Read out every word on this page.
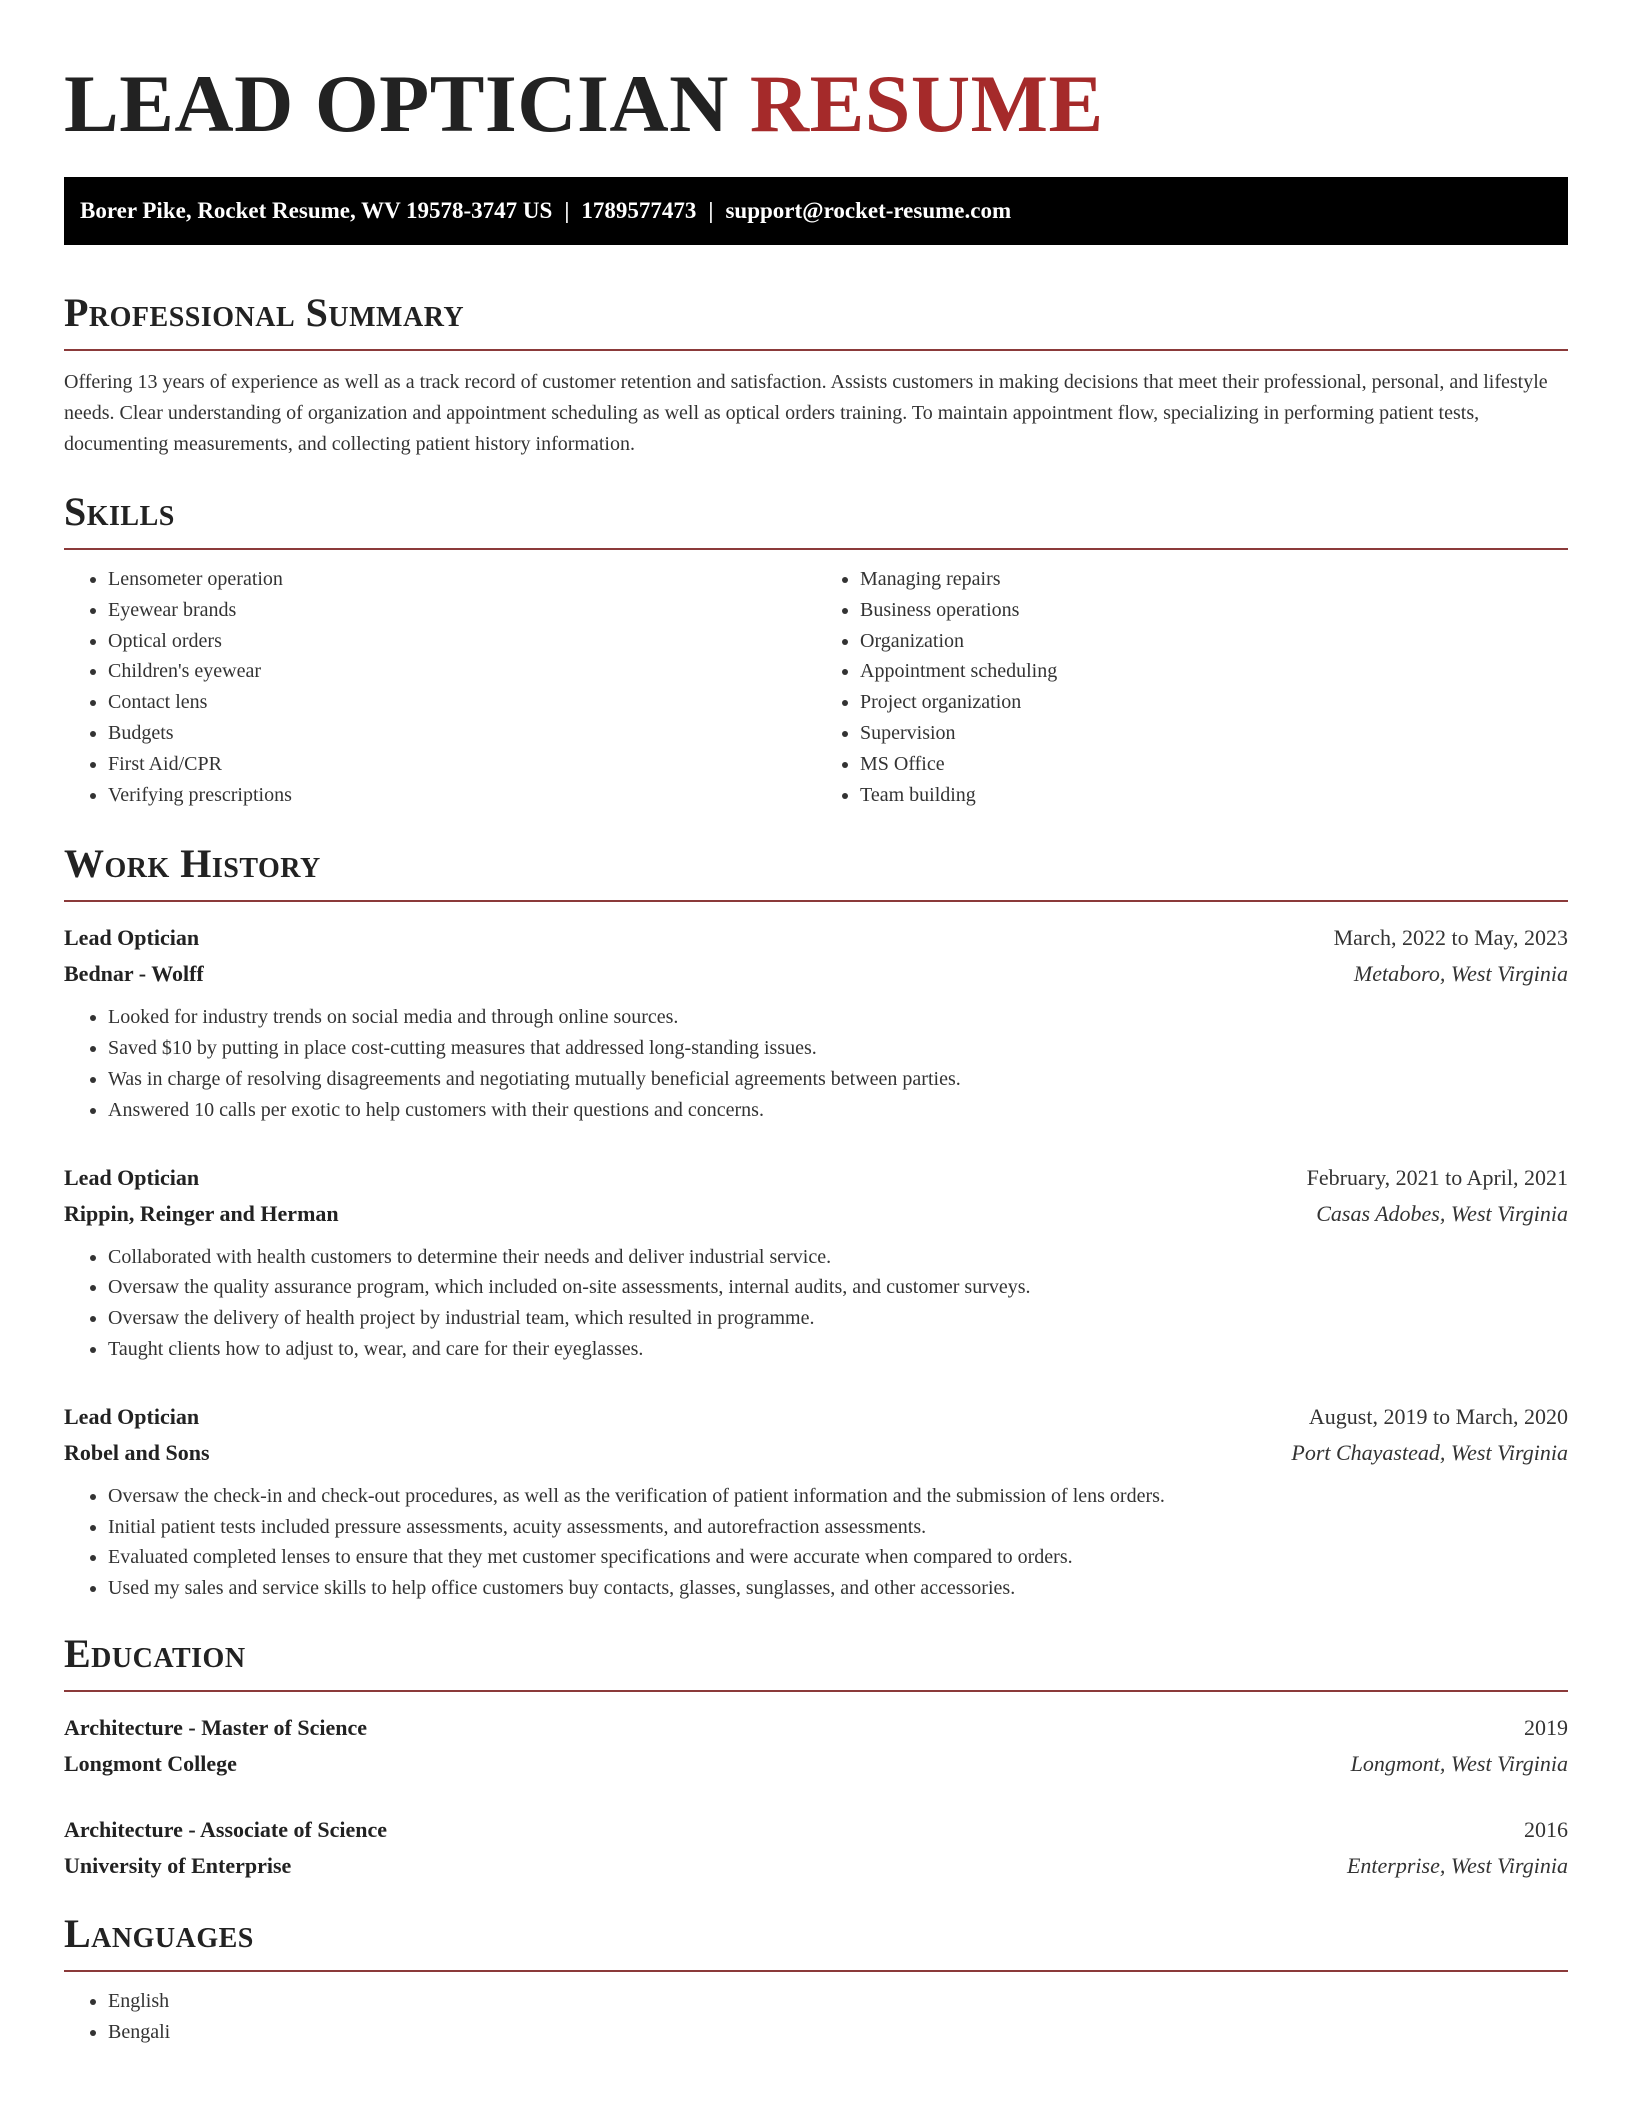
LEAD OPTICIAN RESUME
Borer Pike, Rocket Resume, WV 19578-3747 US | 1789577473 | support@rocket-resume.com
Professional Summary

Offering 13 years of experience as well as a track record of customer retention and satisfaction. Assists customers in making decisions that meet their professional, personal, and lifestyle needs. Clear understanding of organization and appointment scheduling as well as optical orders training. To maintain appointment flow, specializing in performing patient tests, documenting measurements, and collecting patient history information.

Skills
• Lensometer operation
• Eyewear brands
• Optical orders
• Children's eyewear
• Contact lens
• Budgets
• First Aid/CPR
• Verifying prescriptions
• Managing repairs
• Business operations
• Organization
• Appointment scheduling
• Project organization
• Supervision
• MS Office
• Team building
Work History
Lead Optician	March, 2022 to May, 2023
Bednar - Wolff	Metaboro, West Virginia
• Looked for industry trends on social media and through online sources.
• Saved $10 by putting in place cost-cutting measures that addressed long-standing issues.
• Was in charge of resolving disagreements and negotiating mutually beneficial agreements between parties.
• Answered 10 calls per exotic to help customers with their questions and concerns.
Lead Optician	February, 2021 to April, 2021
Rippin, Reinger and Herman	Casas Adobes, West Virginia
• Collaborated with health customers to determine their needs and deliver industrial service.
• Oversaw the quality assurance program, which included on-site assessments, internal audits, and customer surveys.
• Oversaw the delivery of health project by industrial team, which resulted in programme.
• Taught clients how to adjust to, wear, and care for their eyeglasses.
Lead Optician	August, 2019 to March, 2020
Robel and Sons	Port Chayastead, West Virginia
• Oversaw the check-in and check-out procedures, as well as the verification of patient information and the submission of lens orders.
• Initial patient tests included pressure assessments, acuity assessments, and autorefraction assessments.
• Evaluated completed lenses to ensure that they met customer specifications and were accurate when compared to orders.
• Used my sales and service skills to help office customers buy contacts, glasses, sunglasses, and other accessories.
Education
Architecture - Master of Science	2019
Longmont College	Longmont, West Virginia
Architecture - Associate of Science	2016
University of Enterprise	Enterprise, West Virginia
Languages
• English
• Bengali
